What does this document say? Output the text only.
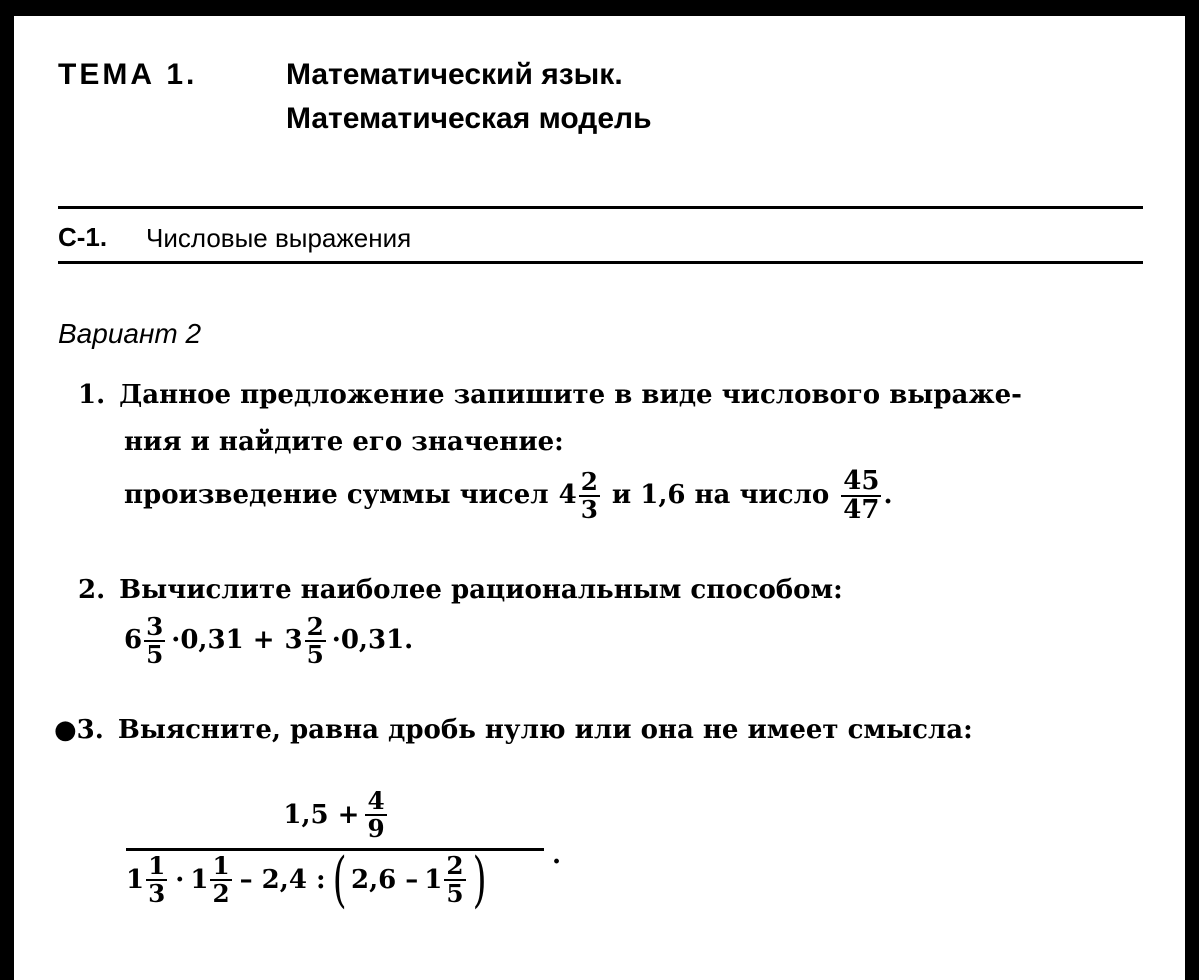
ТЕМА 1.	Математический язык.
Математическая модель
С-1. Числовые выражения
Вариант 2
1. Данное предложение запишите в виде числового выраже-
ния и найдите его значение:
произведение суммы чисел $4 \frac{2}{3}$ и 1,6 на число $\frac{45}{47}$ .
2. Вычислите наиболее рациональным способом:
$6 \frac{3}{5} \cdot 0,31 + 3 \frac{2}{5} \cdot 0,31$.
●3. Выясните, равна дробь нулю или она не имеет смысла:
$1,5 + \frac{4}{9}$
$1 \frac{1}{3} \cdot 1 \frac{1}{2} - 2,4$ : ( $2,6 - 1 \frac{2}{5}$ )	.
